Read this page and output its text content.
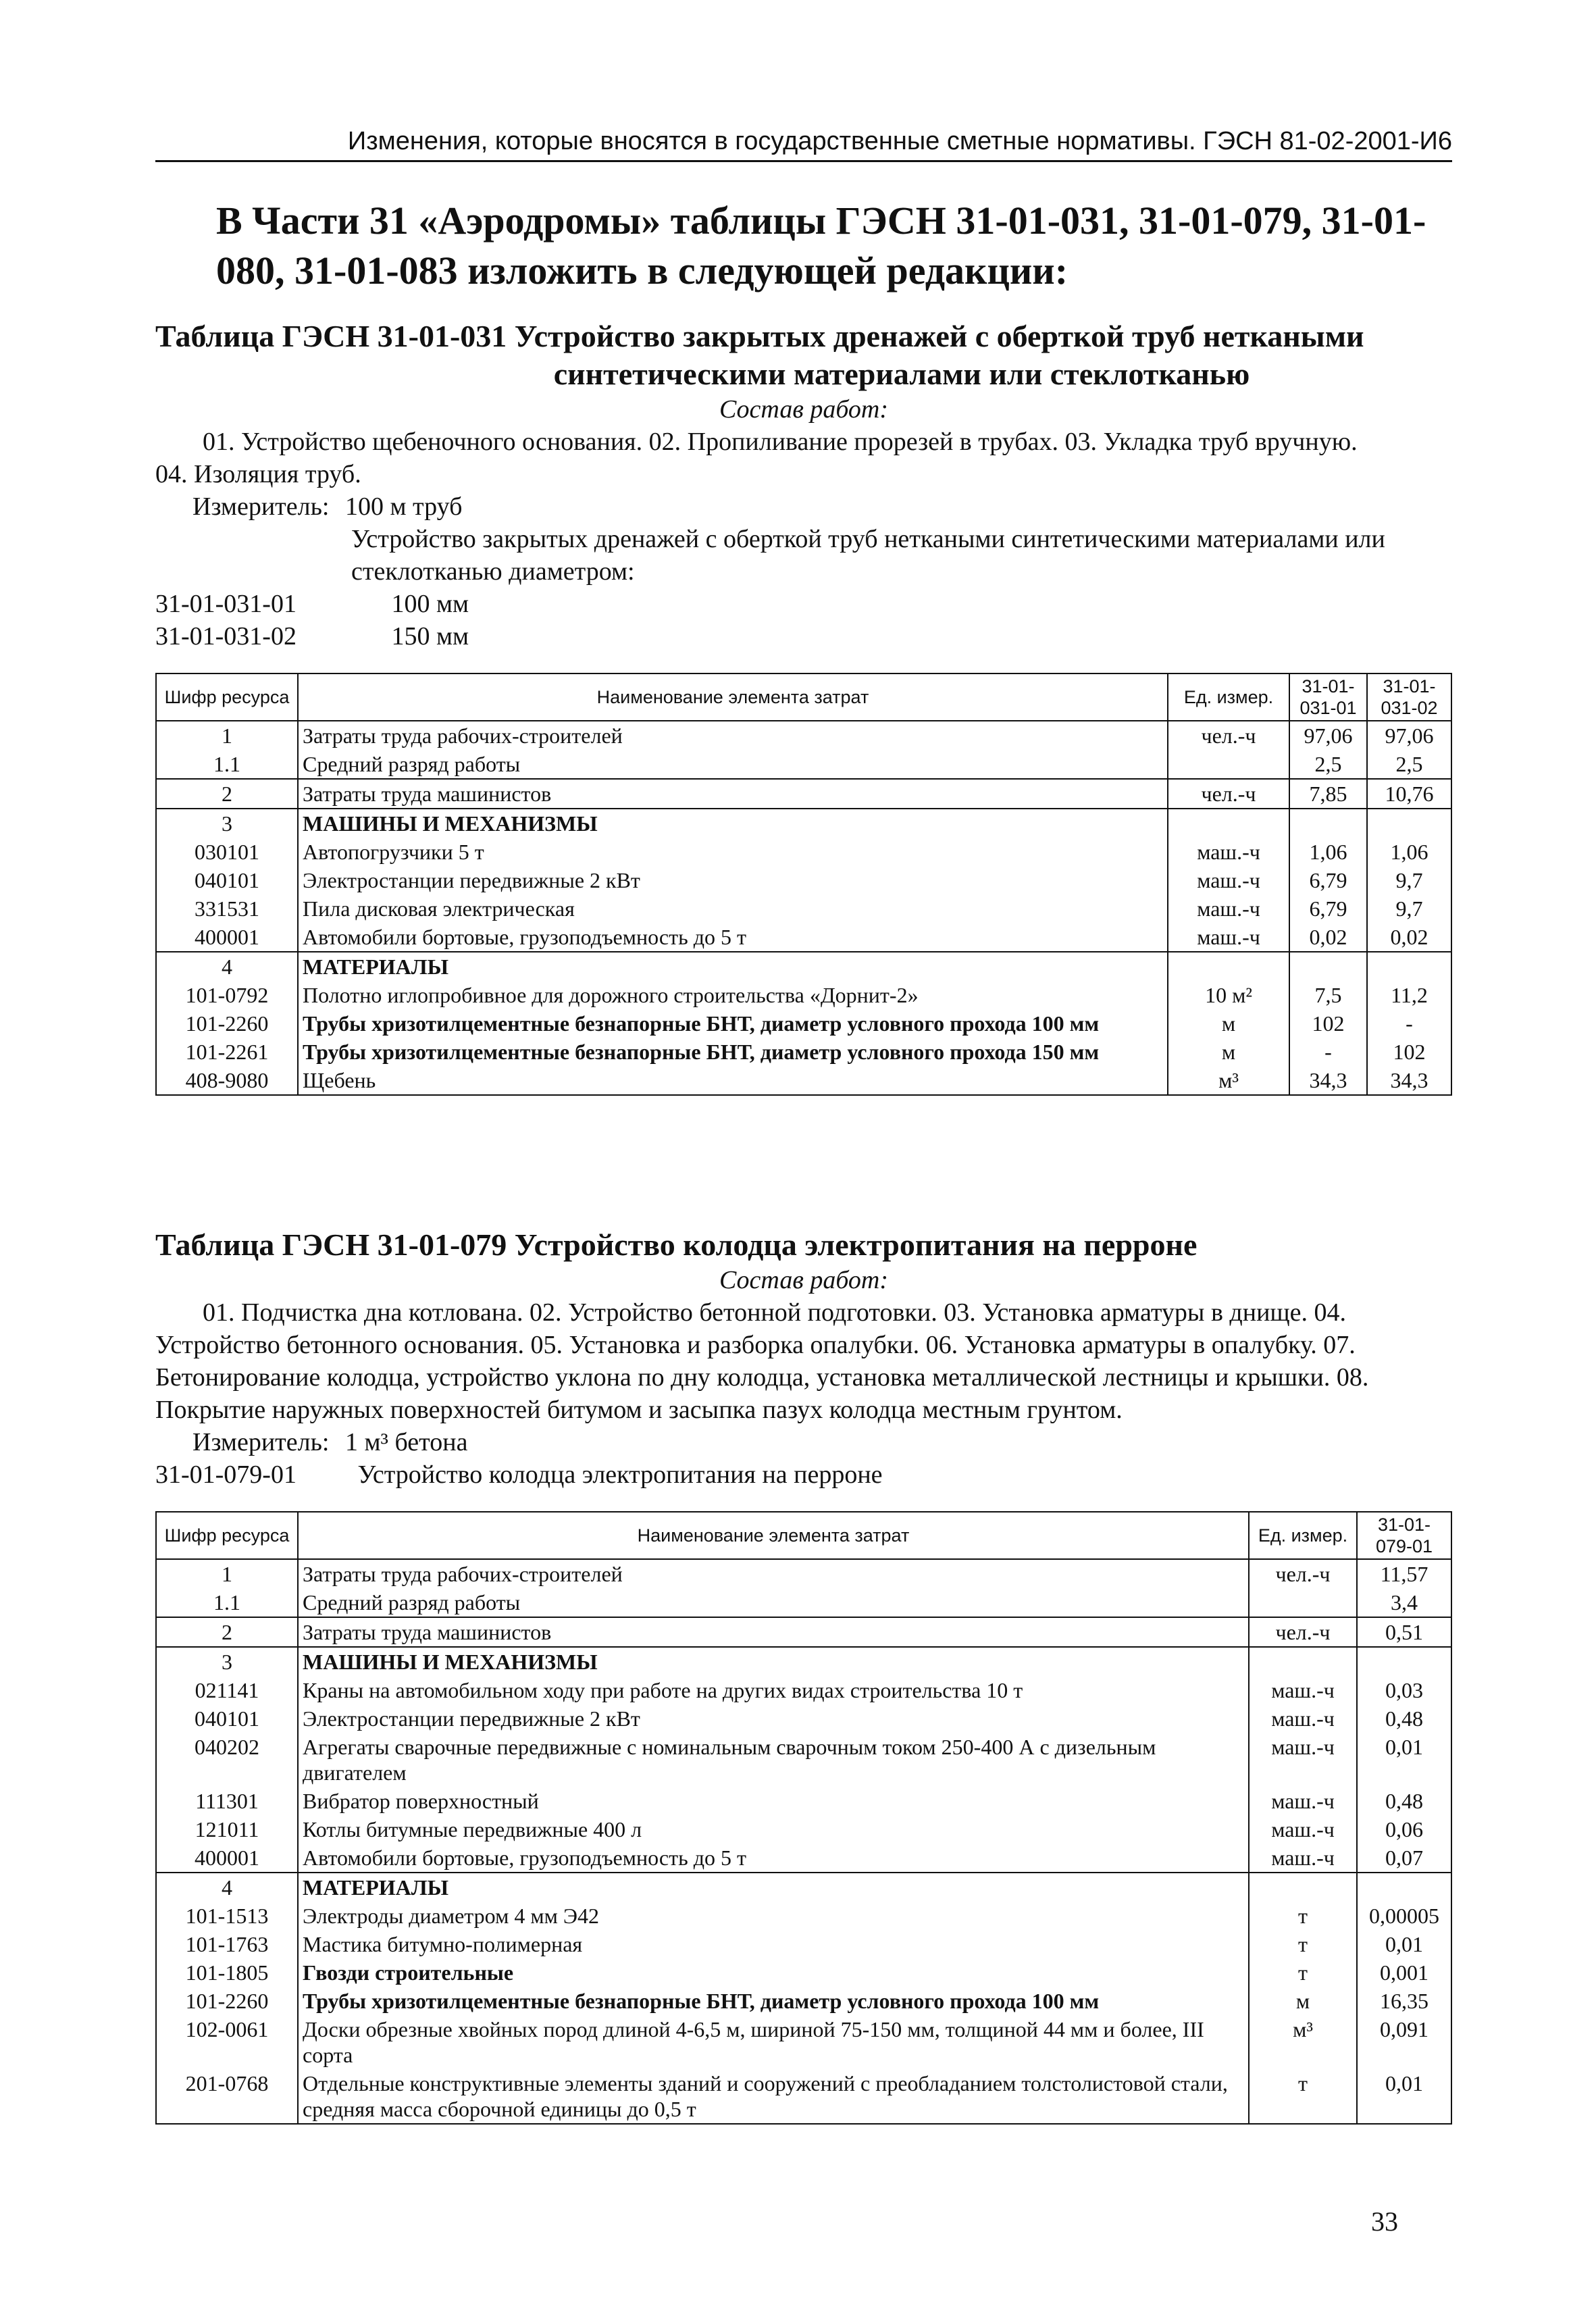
Изменения, которые вносятся в государственные сметные нормативы. ГЭСН 81-02-2001-И6
В Части 31 «Аэродромы» таблицы ГЭСН 31-01-031, 31-01-079, 31-01-080, 31-01-083 изложить в следующей редакции:
Таблица ГЭСН 31-01-031 Устройство закрытых дренажей с оберткой труб неткаными
синтетическими материалами или стеклотканью
Состав работ:
01. Устройство щебеночного основания. 02. Пропиливание прорезей в трубах. 03. Укладка труб вручную.
04. Изоляция труб.
Измеритель: 100 м труб
Устройство закрытых дренажей с оберткой труб неткаными синтетическими материалами или
стеклотканью диаметром:
31-01-031-01	100 мм
31-01-031-02	150 мм
Шифр ресурса	Наименование элемента затрат	Ед. измер.	31-01-031-01	31-01-031-02
1	Затраты труда рабочих-строителей	чел.-ч	97,06	97,06
1.1	Средний разряд работы		2,5	2,5
2	Затраты труда машинистов	чел.-ч	7,85	10,76
3	МАШИНЫ И МЕХАНИЗМЫ			
030101	Автопогрузчики 5 т	маш.-ч	1,06	1,06
040101	Электростанции передвижные 2 кВт	маш.-ч	6,79	9,7
331531	Пила дисковая электрическая	маш.-ч	6,79	9,7
400001	Автомобили бортовые, грузоподъемность до 5 т	маш.-ч	0,02	0,02
4	МАТЕРИАЛЫ			
101-0792	Полотно иглопробивное для дорожного строительства «Дорнит-2»	10 м²	7,5	11,2
101-2260	Трубы хризотилцементные безнапорные БНТ, диаметр условного прохода 100 мм	м	102	-
101-2261	Трубы хризотилцементные безнапорные БНТ, диаметр условного прохода 150 мм	м	-	102
408-9080	Щебень	м³	34,3	34,3
Таблица ГЭСН 31-01-079 Устройство колодца электропитания на перроне
Состав работ:
01. Подчистка дна котлована. 02. Устройство бетонной подготовки. 03. Установка арматуры в днище. 04.
Устройство бетонного основания. 05. Установка и разборка опалубки. 06. Установка арматуры в опалубку. 07.
Бетонирование колодца, устройство уклона по дну колодца, установка металлической лестницы и крышки. 08.
Покрытие наружных поверхностей битумом и засыпка пазух колодца местным грунтом.
Измеритель: 1 м³ бетона
31-01-079-01 Устройство колодца электропитания на перроне
Шифр ресурса	Наименование элемента затрат	Ед. измер.	31-01-079-01
1	Затраты труда рабочих-строителей	чел.-ч	11,57
1.1	Средний разряд работы		3,4
2	Затраты труда машинистов	чел.-ч	0,51
3	МАШИНЫ И МЕХАНИЗМЫ		
021141	Краны на автомобильном ходу при работе на других видах строительства 10 т	маш.-ч	0,03
040101	Электростанции передвижные 2 кВт	маш.-ч	0,48
040202	Агрегаты сварочные передвижные с номинальным сварочным током 250-400 А с дизельным двигателем	маш.-ч	0,01
111301	Вибратор поверхностный	маш.-ч	0,48
121011	Котлы битумные передвижные 400 л	маш.-ч	0,06
400001	Автомобили бортовые, грузоподъемность до 5 т	маш.-ч	0,07
4	МАТЕРИАЛЫ		
101-1513	Электроды диаметром 4 мм Э42	т	0,00005
101-1763	Мастика битумно-полимерная	т	0,01
101-1805	Гвозди строительные	т	0,001
101-2260	Трубы хризотилцементные безнапорные БНТ, диаметр условного прохода 100 мм	м	16,35
102-0061	Доски обрезные хвойных пород длиной 4-6,5 м, шириной 75-150 мм, толщиной 44 мм и более, III сорта	м³	0,091
201-0768	Отдельные конструктивные элементы зданий и сооружений с преобладанием толстолистовой стали, средняя масса сборочной единицы до 0,5 т	т	0,01
33
